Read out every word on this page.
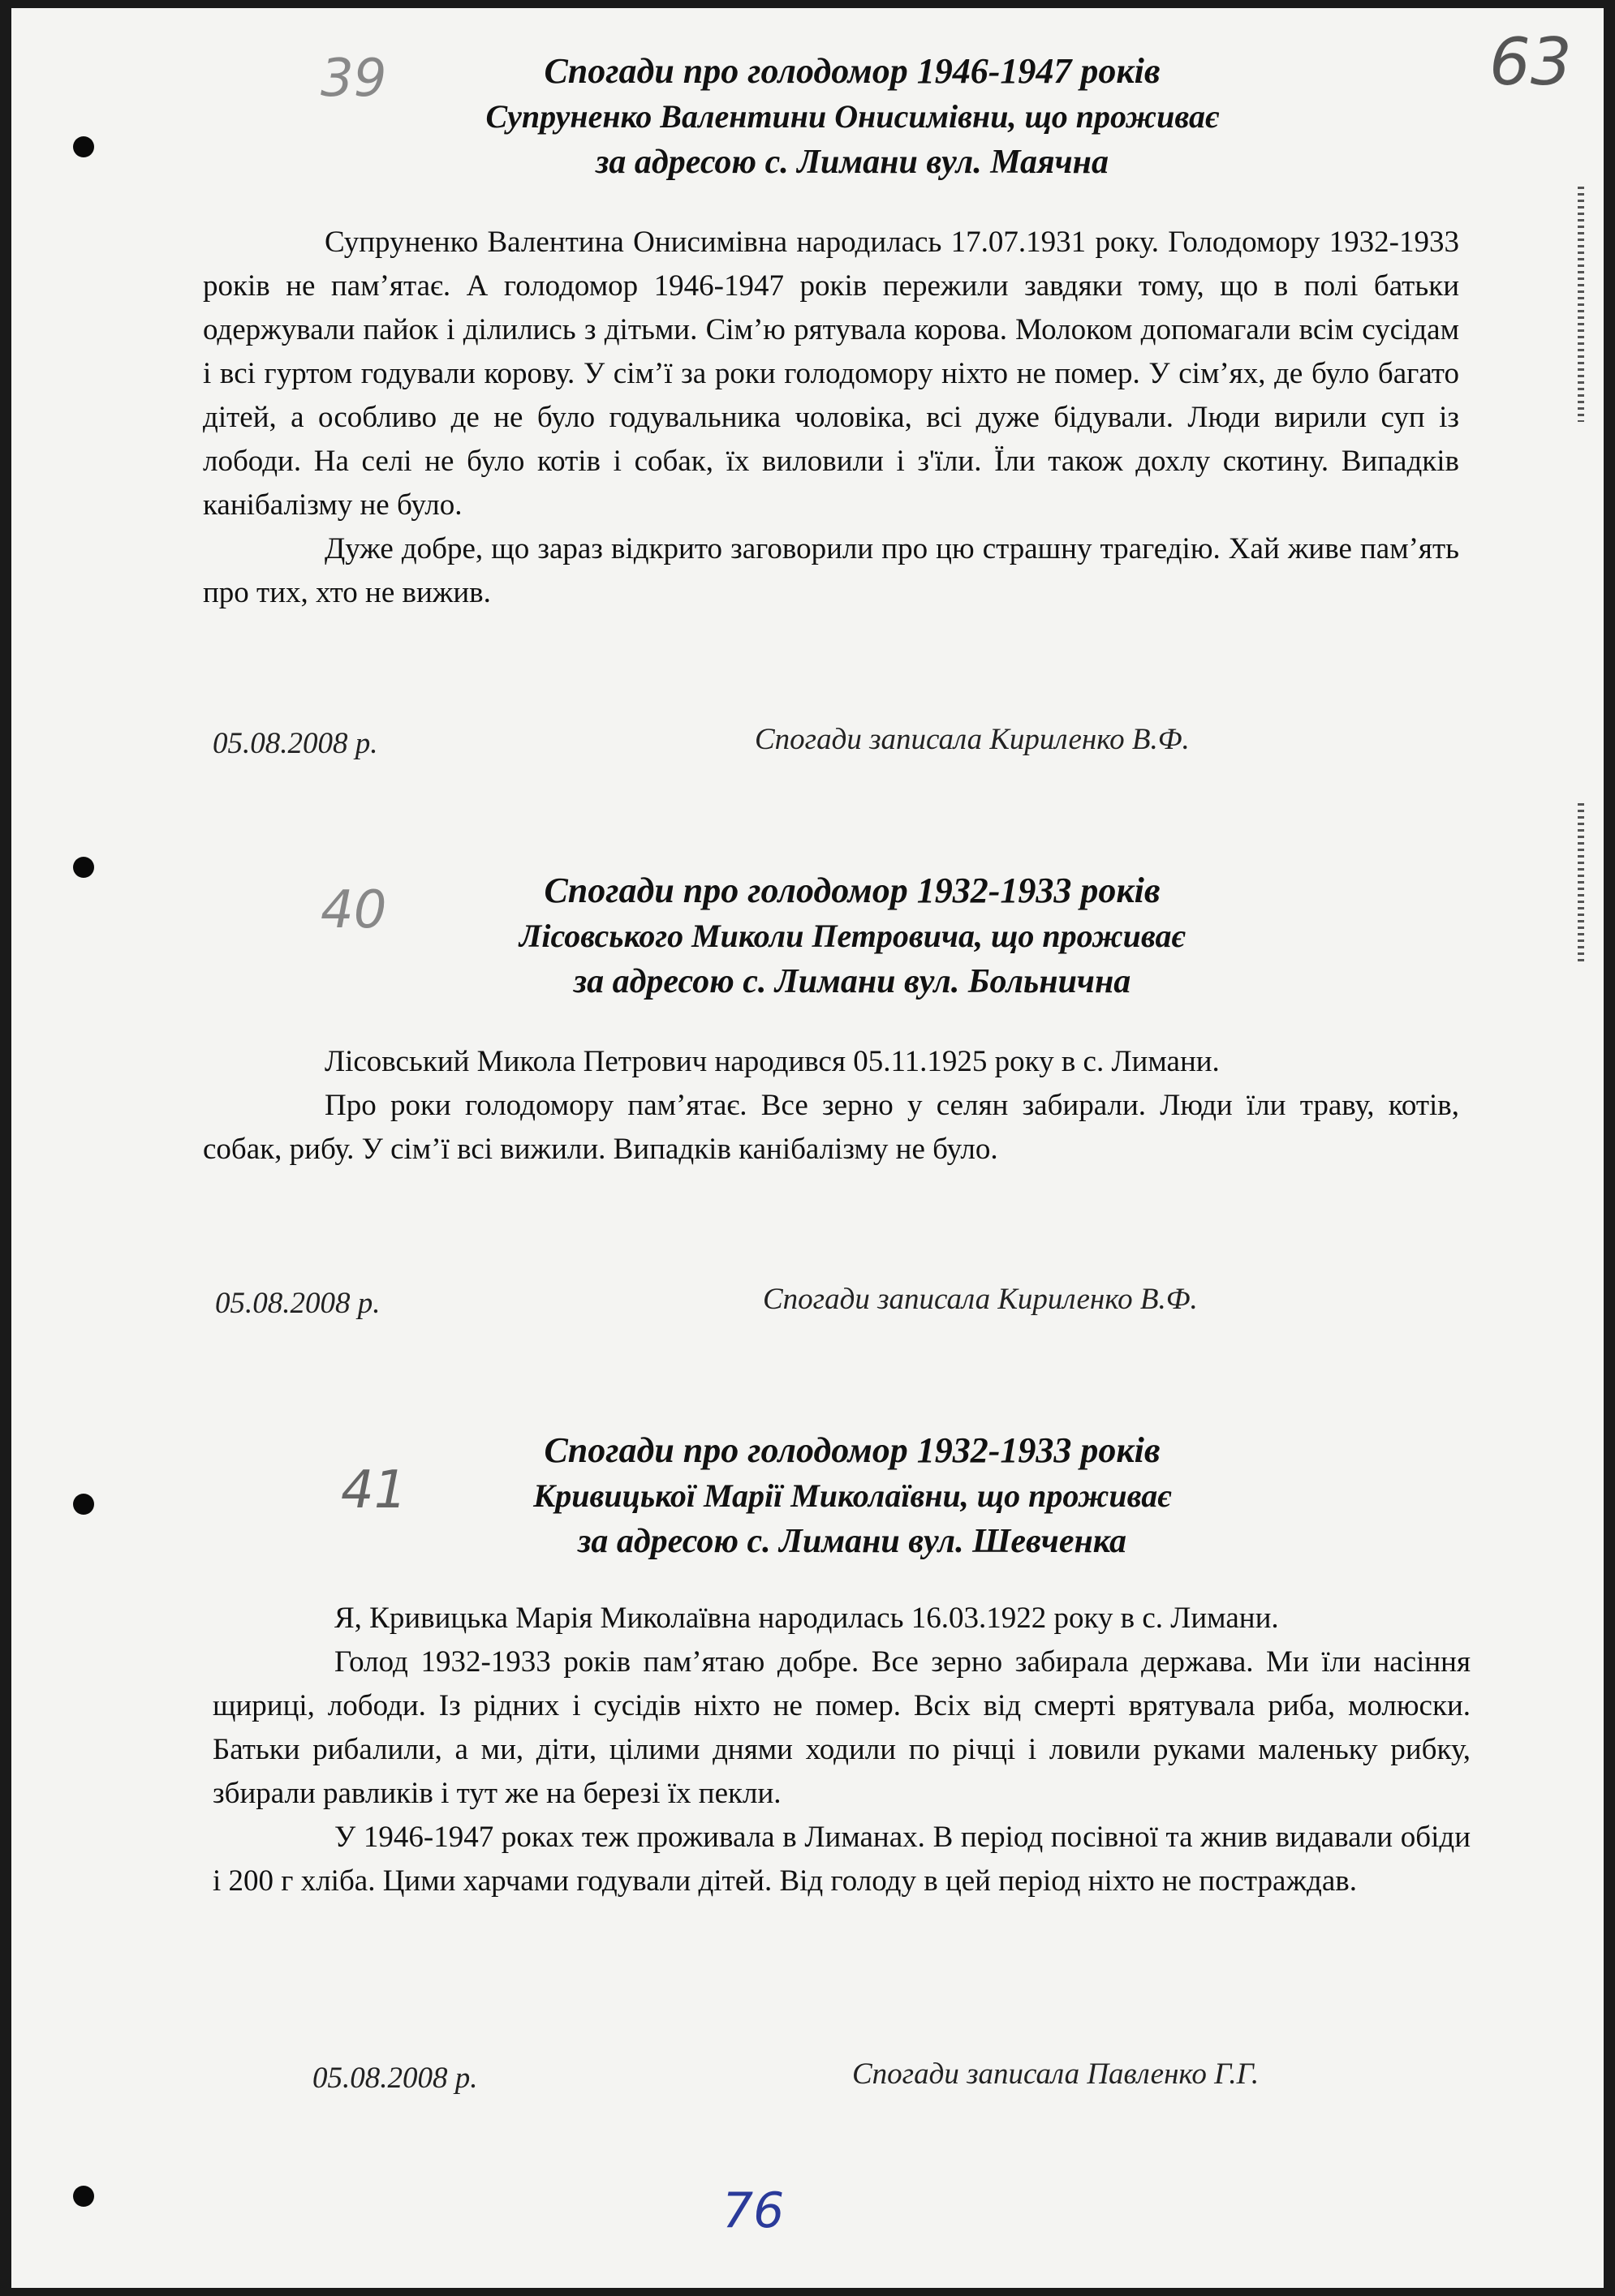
39	63
40
41
76
Спогади про голодомор 1946-1947 років
Супруненко Валентини Онисимівни, що проживає
за адресою с. Лимани вул. Маячна

Супруненко Валентина Онисимівна народилась 17.07.1931 року. Голодомору 1932-1933 років не пам’ятає. А голодомор 1946-1947 років пережили завдяки тому, що в полі батьки одержували пайок і ділились з дітьми. Сім’ю рятувала корова. Молоком допомагали всім сусідам і всі гуртом годували корову. У сім’ї за роки голодомору ніхто не помер. У сім’ях, де було багато дітей, а особливо де не було годувальника чоловіка, всі дуже бідували. Люди вирили суп із лободи. На селі не було котів і собак, їх виловили і з'їли. Їли також дохлу скотину. Випадків канібалізму не було.

Дуже добре, що зараз відкрито заговорили про цю страшну трагедію. Хай живе пам’ять про тих, хто не вижив.

05.08.2008 р.	Спогади записала Кириленко В.Ф.
Спогади про голодомор 1932-1933 років
Лісовського Миколи Петровича, що проживає
за адресою с. Лимани вул. Больнична

Лісовський Микола Петрович народився 05.11.1925 року в с. Лимани.

Про роки голодомору пам’ятає. Все зерно у селян забирали. Люди їли траву, котів, собак, рибу. У сім’ї всі вижили. Випадків канібалізму не було.

05.08.2008 р.	Спогади записала Кириленко В.Ф.
Спогади про голодомор 1932-1933 років
Кривицької Марії Миколаївни, що проживає
за адресою с. Лимани вул. Шевченка

Я, Кривицька Марія Миколаївна народилась 16.03.1922 року в с. Лимани.

Голод 1932-1933 років пам’ятаю добре. Все зерно забирала держава. Ми їли насіння щириці, лободи. Із рідних і сусідів ніхто не помер. Всіх від смерті врятувала риба, молюски. Батьки рибалили, а ми, діти, цілими днями ходили по річці і ловили руками маленьку рибку, збирали равликів і тут же на березі їх пекли.

У 1946-1947 роках теж проживала в Лиманах. В період посівної та жнив видавали обіди і 200 г хліба. Цими харчами годували дітей. Від голоду в цей період ніхто не постраждав.

05.08.2008 р.	Спогади записала Павленко Г.Г.
